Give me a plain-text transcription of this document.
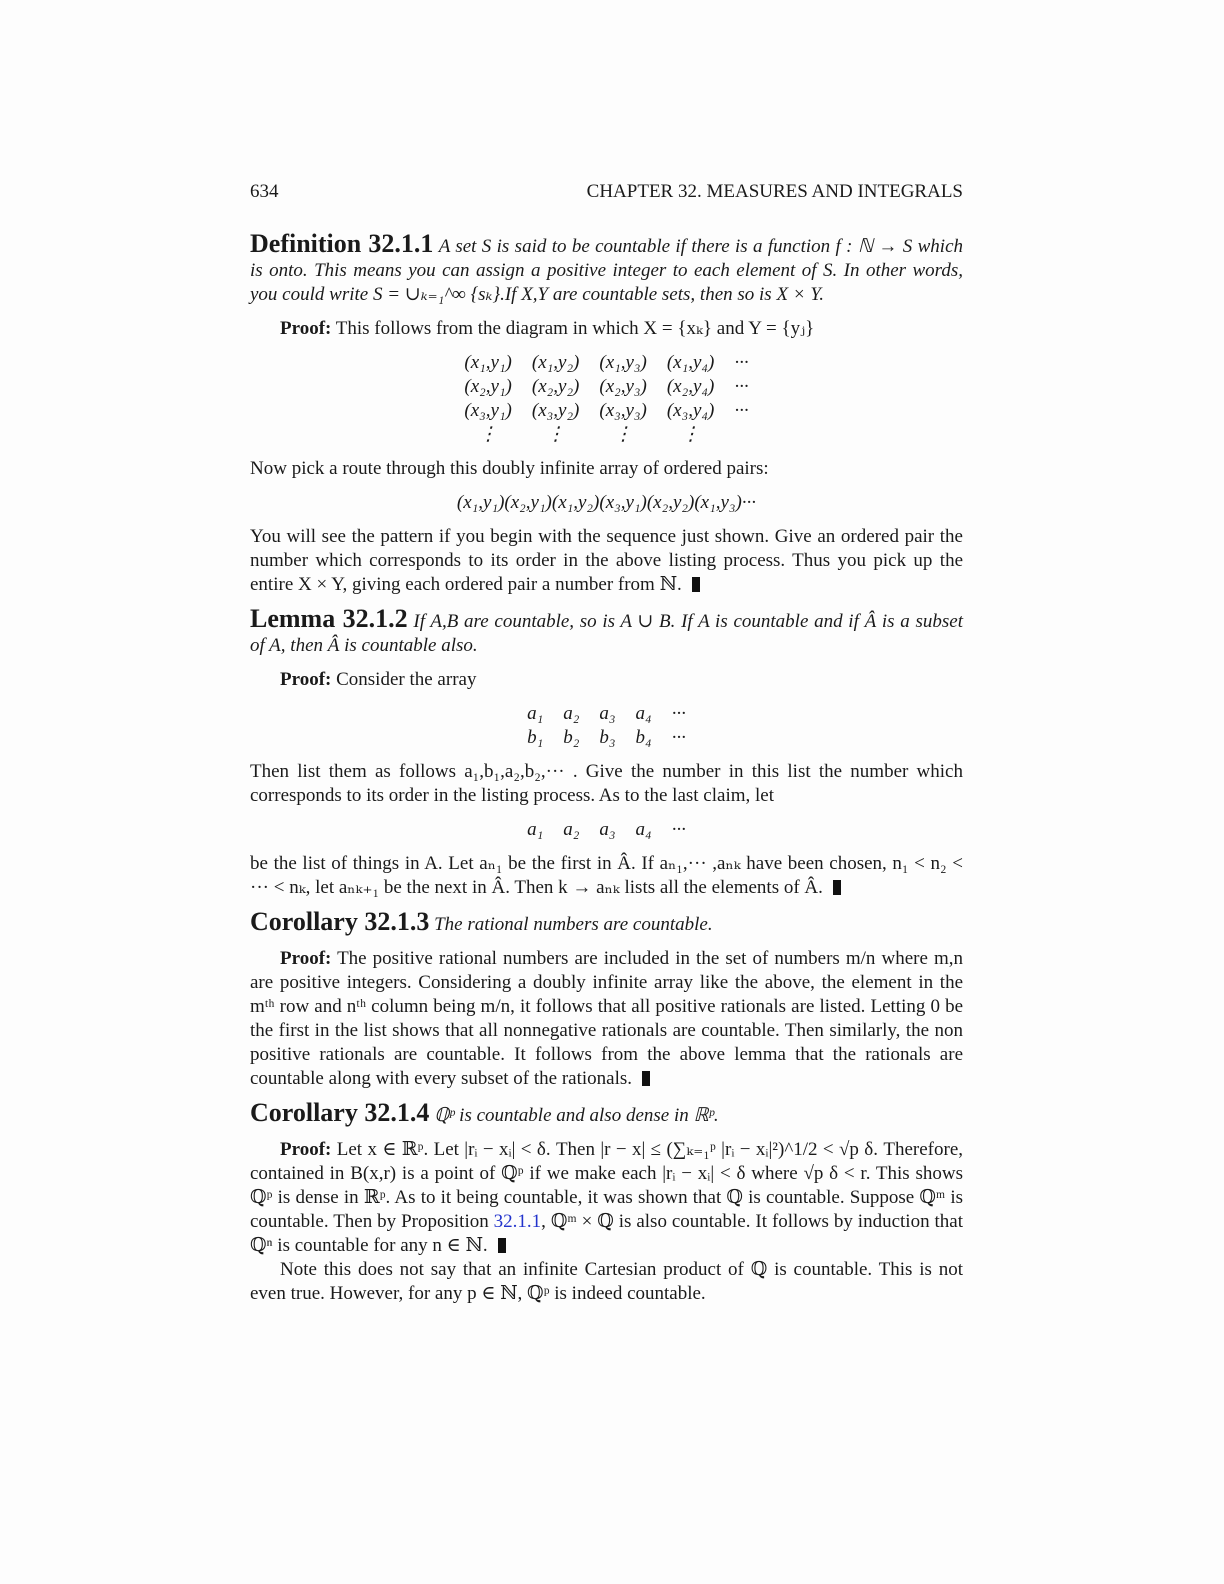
634	CHAPTER 32. MEASURES AND INTEGRALS

Definition 32.1.1 A set S is said to be countable if there is a function f : ℕ → S which is onto. This means you can assign a positive integer to each element of S. In other words, you could write S = ∪ₖ₌₁^∞ {sₖ}.If X,Y are countable sets, then so is X × Y.

Proof: This follows from the diagram in which X = {xₖ} and Y = {yⱼ}

(x₁,y₁)	(x₁,y₂)	(x₁,y₃)	(x₁,y₄)	···
(x₂,y₁)	(x₂,y₂)	(x₂,y₃)	(x₂,y₄)	···
(x₃,y₁)	(x₃,y₂)	(x₃,y₃)	(x₃,y₄)	···
⋮	⋮	⋮	⋮	

Now pick a route through this doubly infinite array of ordered pairs:

(x₁,y₁)(x₂,y₁)(x₁,y₂)(x₃,y₁)(x₂,y₂)(x₁,y₃)···

You will see the pattern if you begin with the sequence just shown. Give an ordered pair the number which corresponds to its order in the above listing process. Thus you pick up the entire X × Y, giving each ordered pair a number from ℕ.

Lemma 32.1.2 If A,B are countable, so is A ∪ B. If A is countable and if Â is a subset of A, then Â is countable also.

Proof: Consider the array

a₁	a₂	a₃	a₄	···
b₁	b₂	b₃	b₄	···

Then list them as follows a₁,b₁,a₂,b₂,··· . Give the number in this list the number which corresponds to its order in the listing process. As to the last claim, let

a₁	a₂	a₃	a₄	···

be the list of things in A. Let aₙ₁ be the first in Â. If aₙ₁,··· ,aₙₖ have been chosen, n₁ < n₂ < ··· < nₖ, let aₙₖ₊₁ be the next in Â. Then k → aₙₖ lists all the elements of Â.

Corollary 32.1.3 The rational numbers are countable.

Proof: The positive rational numbers are included in the set of numbers m/n where m,n are positive integers. Considering a doubly infinite array like the above, the element in the mᵗʰ row and nᵗʰ column being m/n, it follows that all positive rationals are listed. Letting 0 be the first in the list shows that all nonnegative rationals are countable. Then similarly, the non positive rationals are countable. It follows from the above lemma that the rationals are countable along with every subset of the rationals.

Corollary 32.1.4 ℚᵖ is countable and also dense in ℝᵖ.

Proof: Let x ∈ ℝᵖ. Let |rᵢ − xᵢ| < δ. Then |r − x| ≤ (∑ₖ₌₁ᵖ |rᵢ − xᵢ|²)^1/2 < √p δ. Therefore, contained in B(x,r) is a point of ℚᵖ if we make each |rᵢ − xᵢ| < δ where √p δ < r. This shows ℚᵖ is dense in ℝᵖ. As to it being countable, it was shown that ℚ is countable. Suppose ℚᵐ is countable. Then by Proposition 32.1.1, ℚᵐ × ℚ is also countable. It follows by induction that ℚⁿ is countable for any n ∈ ℕ.

Note this does not say that an infinite Cartesian product of ℚ is countable. This is not even true. However, for any p ∈ ℕ, ℚᵖ is indeed countable.
